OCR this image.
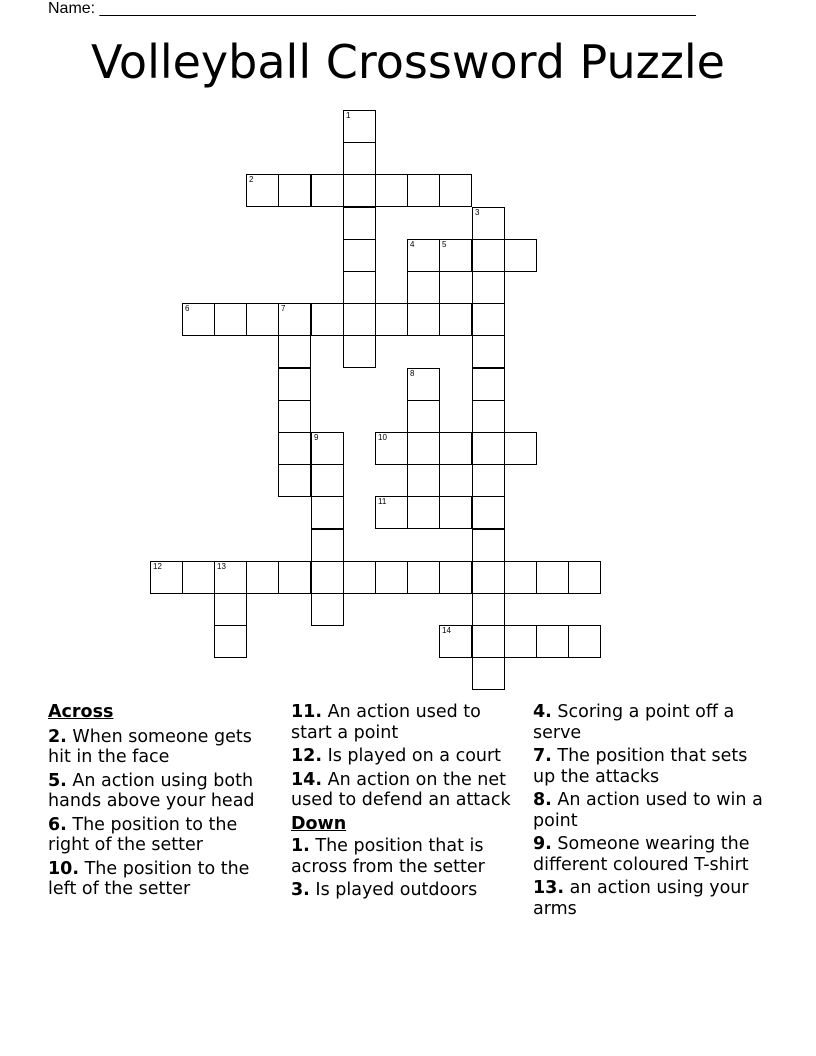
Name: ___________________________________________________________________
Volleyball Crossword Puzzle
1
2
3
4	5
6	7
8
9	10
11
12	13
14
Across
2. When someone gets hit in the face
5. An action using both hands above your head
6. The position to the right of the setter
10. The position to the left of the setter
11. An action used to start a point
12. Is played on a court
14. An action on the net used to defend an attack
Down
1. The position that is across from the setter
3. Is played outdoors
4. Scoring a point off a serve
7. The position that sets up the attacks
8. An action used to win a point
9. Someone wearing the different coloured T-shirt
13. an action using your arms
